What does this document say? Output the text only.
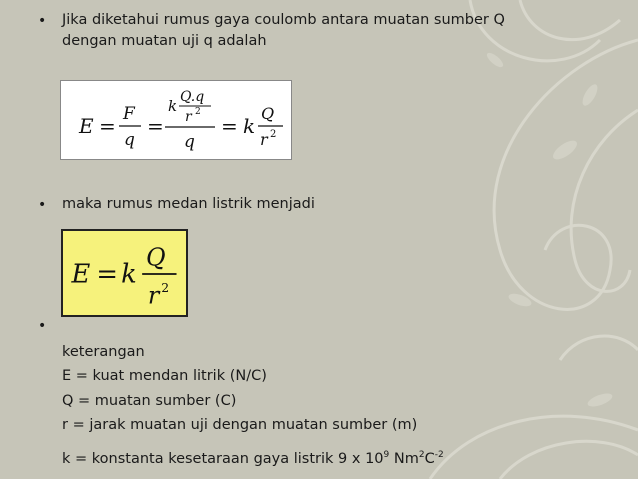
• Jika diketahui rumus gaya coulomb antara muatan sumber Q
dengan muatan uji q adalah
E = F
q
=
k Q.q
r 2
q
= k
Q
r 2
• maka rumus medan listrik menjadi
E = k
Q
r 2
•
keterangan
E = kuat mendan litrik (N/C)
Q = muatan sumber (C)
r = jarak muatan uji dengan muatan sumber (m)
k = konstanta kesetaraan gaya listrik 9 x $10^9$ $Nm^2C^{-2}$
